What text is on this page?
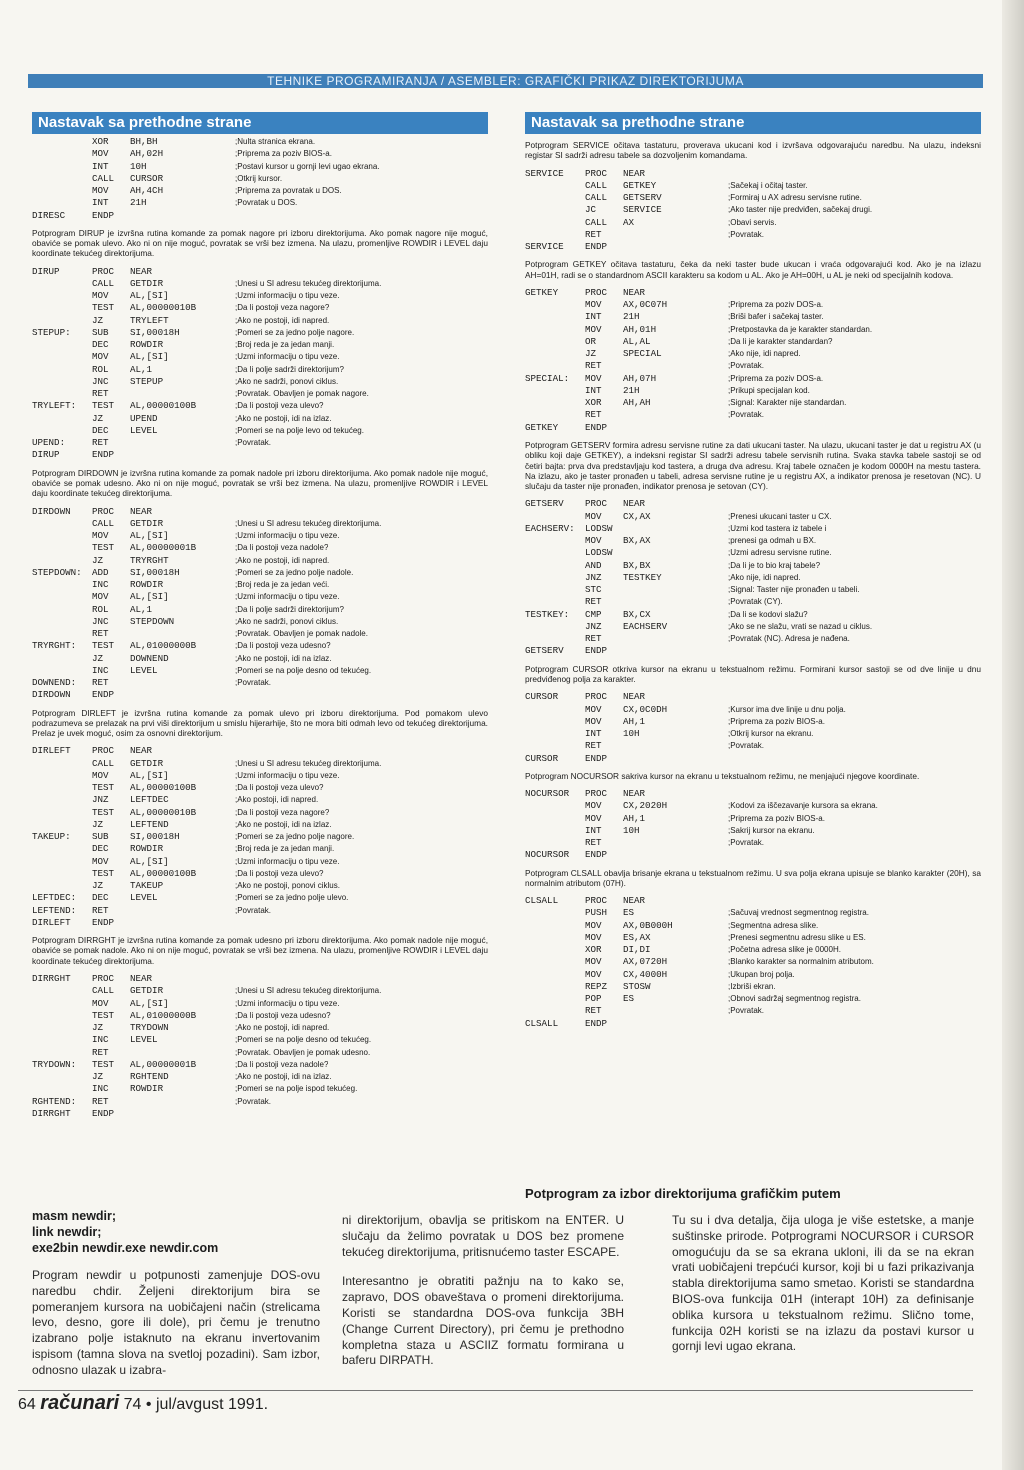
TEHNIKE PROGRAMIRANJA / ASEMBLER: GRAFIČKI PRIKAZ DIREKTORIJUMA
Nastavak sa prethodne strane
XOR	BH,BH	;Nulta stranica ekrana.
MOV	AH,02H	;Priprema za poziv BIOS-a.
INT	10H	;Postavi kursor u gornji levi ugao ekrana.
CALL	CURSOR	;Otkrij kursor.
MOV	AH,4CH	;Priprema za povratak u DOS.
INT	21H	;Povratak u DOS.
DIRESC	ENDP
Potprogram DIRUP je izvršna rutina komande za pomak nagore pri izboru direktorijuma. Ako pomak nagore nije moguć, obaviće se pomak ulevo. Ako ni on nije moguć, povratak se vrši bez izmena. Na ulazu, promenljive ROWDIR i LEVEL daju koordinate tekućeg direktorijuma.
DIRUP	PROC	NEAR
CALL	GETDIR	;Unesi u SI adresu tekućeg direktorijuma.
MOV	AL,[SI]	;Uzmi informaciju o tipu veze.
TEST	AL,00000010B	;Da li postoji veza nagore?
JZ	TRYLEFT	;Ako ne postoji, idi napred.
STEPUP:	SUB	SI,00018H	;Pomeri se za jedno polje nagore.
DEC	ROWDIR	;Broj reda je za jedan manji.
MOV	AL,[SI]	;Uzmi informaciju o tipu veze.
ROL	AL,1	;Da li polje sadrži direktorijum?
JNC	STEPUP	;Ako ne sadrži, ponovi ciklus.
RET	;Povratak. Obavljen je pomak nagore.
TRYLEFT:	TEST	AL,00000100B	;Da li postoji veza ulevo?
JZ	UPEND	;Ako ne postoji, idi na izlaz.
DEC	LEVEL	;Pomeri se na polje levo od tekućeg.
UPEND:	RET	;Povratak.
DIRUP	ENDP
Potprogram DIRDOWN je izvršna rutina komande za pomak nadole pri izboru direktorijuma. Ako pomak nadole nije moguć, obaviće se pomak udesno. Ako ni on nije moguć, povratak se vrši bez izmena. Na ulazu, promenljive ROWDIR i LEVEL daju koordinate tekućeg direktorijuma.
DIRDOWN	PROC	NEAR
CALL	GETDIR	;Unesi u SI adresu tekućeg direktorijuma.
MOV	AL,[SI]	;Uzmi informaciju o tipu veze.
TEST	AL,00000001B	;Da li postoji veza nadole?
JZ	TRYRGHT	;Ako ne postoji, idi napred.
STEPDOWN:	ADD	SI,00018H	;Pomeri se za jedno polje nadole.
INC	ROWDIR	;Broj reda je za jedan veći.
MOV	AL,[SI]	;Uzmi informaciju o tipu veze.
ROL	AL,1	;Da li polje sadrži direktorijum?
JNC	STEPDOWN	;Ako ne sadrži, ponovi ciklus.
RET	;Povratak. Obavljen je pomak nadole.
TRYRGHT:	TEST	AL,01000000B	;Da li postoji veza udesno?
JZ	DOWNEND	;Ako ne postoji, idi na izlaz.
INC	LEVEL	;Pomeri se na polje desno od tekućeg.
DOWNEND:	RET	;Povratak.
DIRDOWN	ENDP
Potprogram DIRLEFT je izvršna rutina komande za pomak ulevo pri izboru direktorijuma. Pod pomakom ulevo podrazumeva se prelazak na prvi viši direktorijum u smislu hijerarhije, što ne mora biti odmah levo od tekućeg direktorijuma. Prelaz je uvek moguć, osim za osnovni direktorijum.
DIRLEFT	PROC	NEAR
CALL	GETDIR	;Unesi u SI adresu tekućeg direktorijuma.
MOV	AL,[SI]	;Uzmi informaciju o tipu veze.
TEST	AL,00000100B	;Da li postoji veza ulevo?
JNZ	LEFTDEC	;Ako postoji, idi napred.
TEST	AL,00000010B	;Da li postoji veza nagore?
JZ	LEFTEND	;Ako ne postoji, idi na izlaz.
TAKEUP:	SUB	SI,00018H	;Pomeri se za jedno polje nagore.
DEC	ROWDIR	;Broj reda je za jedan manji.
MOV	AL,[SI]	;Uzmi informaciju o tipu veze.
TEST	AL,00000100B	;Da li postoji veza ulevo?
JZ	TAKEUP	;Ako ne postoji, ponovi ciklus.
LEFTDEC:	DEC	LEVEL	;Pomeri se za jedno polje ulevo.
LEFTEND:	RET	;Povratak.
DIRLEFT	ENDP
Potprogram DIRRGHT je izvršna rutina komande za pomak udesno pri izboru direktorijuma. Ako pomak nadole nije moguć, obaviće se pomak nadole. Ako ni on nije moguć, povratak se vrši bez izmena. Na ulazu, promenljive ROWDIR i LEVEL daju koordinate tekućeg direktorijuma.
DIRRGHT	PROC	NEAR
CALL	GETDIR	;Unesi u SI adresu tekućeg direktorijuma.
MOV	AL,[SI]	;Uzmi informaciju o tipu veze.
TEST	AL,01000000B	;Da li postoji veza udesno?
JZ	TRYDOWN	;Ako ne postoji, idi napred.
INC	LEVEL	;Pomeri se na polje desno od tekućeg.
RET	;Povratak. Obavljen je pomak udesno.
TRYDOWN:	TEST	AL,00000001B	;Da li postoji veza nadole?
JZ	RGHTEND	;Ako ne postoji, idi na izlaz.
INC	ROWDIR	;Pomeri se na polje ispod tekućeg.
RGHTEND:	RET	;Povratak.
DIRRGHT	ENDP
Nastavak sa prethodne strane
Potprogram SERVICE očitava tastaturu, proverava ukucani kod i izvršava odgovarajuću naredbu. Na ulazu, indeksni registar SI sadrži adresu tabele sa dozvoljenim komandama.
SERVICE	PROC	NEAR
CALL	GETKEY	;Sačekaj i očitaj taster.
CALL	GETSERV	;Formiraj u AX adresu servisne rutine.
JC	SERVICE	;Ako taster nije predviđen, sačekaj drugi.
CALL	AX	;Obavi servis.
RET	;Povratak.
SERVICE	ENDP
Potprogram GETKEY očitava tastaturu, čeka da neki taster bude ukucan i vraća odgovarajući kod. Ako je na izlazu AH=01H, radi se o standardnom ASCII karakteru sa kodom u AL. Ako je AH=00H, u AL je neki od specijalnih kodova.
GETKEY	PROC	NEAR
MOV	AX,0C07H	;Priprema za poziv DOS-a.
INT	21H	;Briši bafer i sačekaj taster.
MOV	AH,01H	;Pretpostavka da je karakter standardan.
OR	AL,AL	;Da li je karakter standardan?
JZ	SPECIAL	;Ako nije, idi napred.
RET	;Povratak.
SPECIAL:	MOV	AH,07H	;Priprema za poziv DOS-a.
INT	21H	;Prikupi specijalan kod.
XOR	AH,AH	;Signal: Karakter nije standardan.
RET	;Povratak.
GETKEY	ENDP
Potprogram GETSERV formira adresu servisne rutine za dati ukucani taster. Na ulazu, ukucani taster je dat u registru AX (u obliku koji daje GETKEY), a indeksni registar SI sadrži adresu tabele servisnih rutina. Svaka stavka tabele sastoji se od četiri bajta: prva dva predstavljaju kod tastera, a druga dva adresu. Kraj tabele označen je kodom 0000H na mestu tastera. Na izlazu, ako je taster pronađen u tabeli, adresa servisne rutine je u registru AX, a indikator prenosa je resetovan (NC). U slučaju da taster nije pronađen, indikator prenosa je setovan (CY).
GETSERV	PROC	NEAR
MOV	CX,AX	;Prenesi ukucani taster u CX.
EACHSERV:	LODSW	;Uzmi kod tastera iz tabele i
MOV	BX,AX	;prenesi ga odmah u BX.
LODSW	;Uzmi adresu servisne rutine.
AND	BX,BX	;Da li je to bio kraj tabele?
JNZ	TESTKEY	;Ako nije, idi napred.
STC	;Signal: Taster nije pronađen u tabeli.
RET	;Povratak (CY).
TESTKEY:	CMP	BX,CX	;Da li se kodovi slažu?
JNZ	EACHSERV	;Ako se ne slažu, vrati se nazad u ciklus.
RET	;Povratak (NC). Adresa je nađena.
GETSERV	ENDP
Potprogram CURSOR otkriva kursor na ekranu u tekstualnom režimu. Formirani kursor sastoji se od dve linije u dnu predviđenog polja za karakter.
CURSOR	PROC	NEAR
MOV	CX,0C0DH	;Kursor ima dve linije u dnu polja.
MOV	AH,1	;Priprema za poziv BIOS-a.
INT	10H	;Otkrij kursor na ekranu.
RET	;Povratak.
CURSOR	ENDP
Potprogram NOCURSOR sakriva kursor na ekranu u tekstualnom režimu, ne menjajući njegove koordinate.
NOCURSOR	PROC	NEAR
MOV	CX,2020H	;Kodovi za iščezavanje kursora sa ekrana.
MOV	AH,1	;Priprema za poziv BIOS-a.
INT	10H	;Sakrij kursor na ekranu.
RET	;Povratak.
NOCURSOR	ENDP
Potprogram CLSALL obavlja brisanje ekrana u tekstualnom režimu. U sva polja ekrana upisuje se blanko karakter (20H), sa normalnim atributom (07H).
CLSALL	PROC	NEAR
PUSH	ES	;Sačuvaj vrednost segmentnog registra.
MOV	AX,0B000H	;Segmentna adresa slike.
MOV	ES,AX	;Prenesi segmentnu adresu slike u ES.
XOR	DI,DI	;Početna adresa slike je 0000H.
MOV	AX,0720H	;Blanko karakter sa normalnim atributom.
MOV	CX,4000H	;Ukupan broj polja.
REPZ	STOSW	;Izbriši ekran.
POP	ES	;Obnovi sadržaj segmentnog registra.
RET	;Povratak.
CLSALL	ENDP
Potprogram za izbor direktorijuma grafičkim putem
masm newdir;
link newdir;
exe2bin newdir.exe newdir.com
Program newdir u potpunosti zamenjuje DOS-ovu naredbu chdir. Željeni direktorijum bira se pomeranjem kursora na uobičajeni način (strelicama levo, desno, gore ili dole), pri čemu je trenutno izabrano polje istaknuto na ekranu invertovanim ispisom (tamna slova na svetloj pozadini). Sam izbor, odnosno ulazak u izabra-
ni direktorijum, obavlja se pritiskom na ENTER. U slučaju da želimo povratak u DOS bez promene tekućeg direktorijuma, pritisnućemo taster ESCAPE.
Interesantno je obratiti pažnju na to kako se, zapravo, DOS obaveštava o promeni direktorijuma. Koristi se standardna DOS-ova funkcija 3BH (Change Current Directory), pri čemu je prethodno kompletna staza u ASCIIZ formatu formirana u baferu DIRPATH.
Tu su i dva detalja, čija uloga je više estetske, a manje suštinske prirode. Potprogrami NOCURSOR i CURSOR omogućuju da se sa ekrana ukloni, ili da se na ekran vrati uobičajeni trepćući kursor, koji bi u fazi prikazivanja stabla direktorijuma samo smetao. Koristi se standardna BIOS-ova funkcija 01H (interapt 10H) za definisanje oblika kursora u tekstualnom režimu. Slično tome, funkcija 02H koristi se na izlazu da postavi kursor u gornji levi ugao ekrana.
64 računari 74 • jul/avgust 1991.
